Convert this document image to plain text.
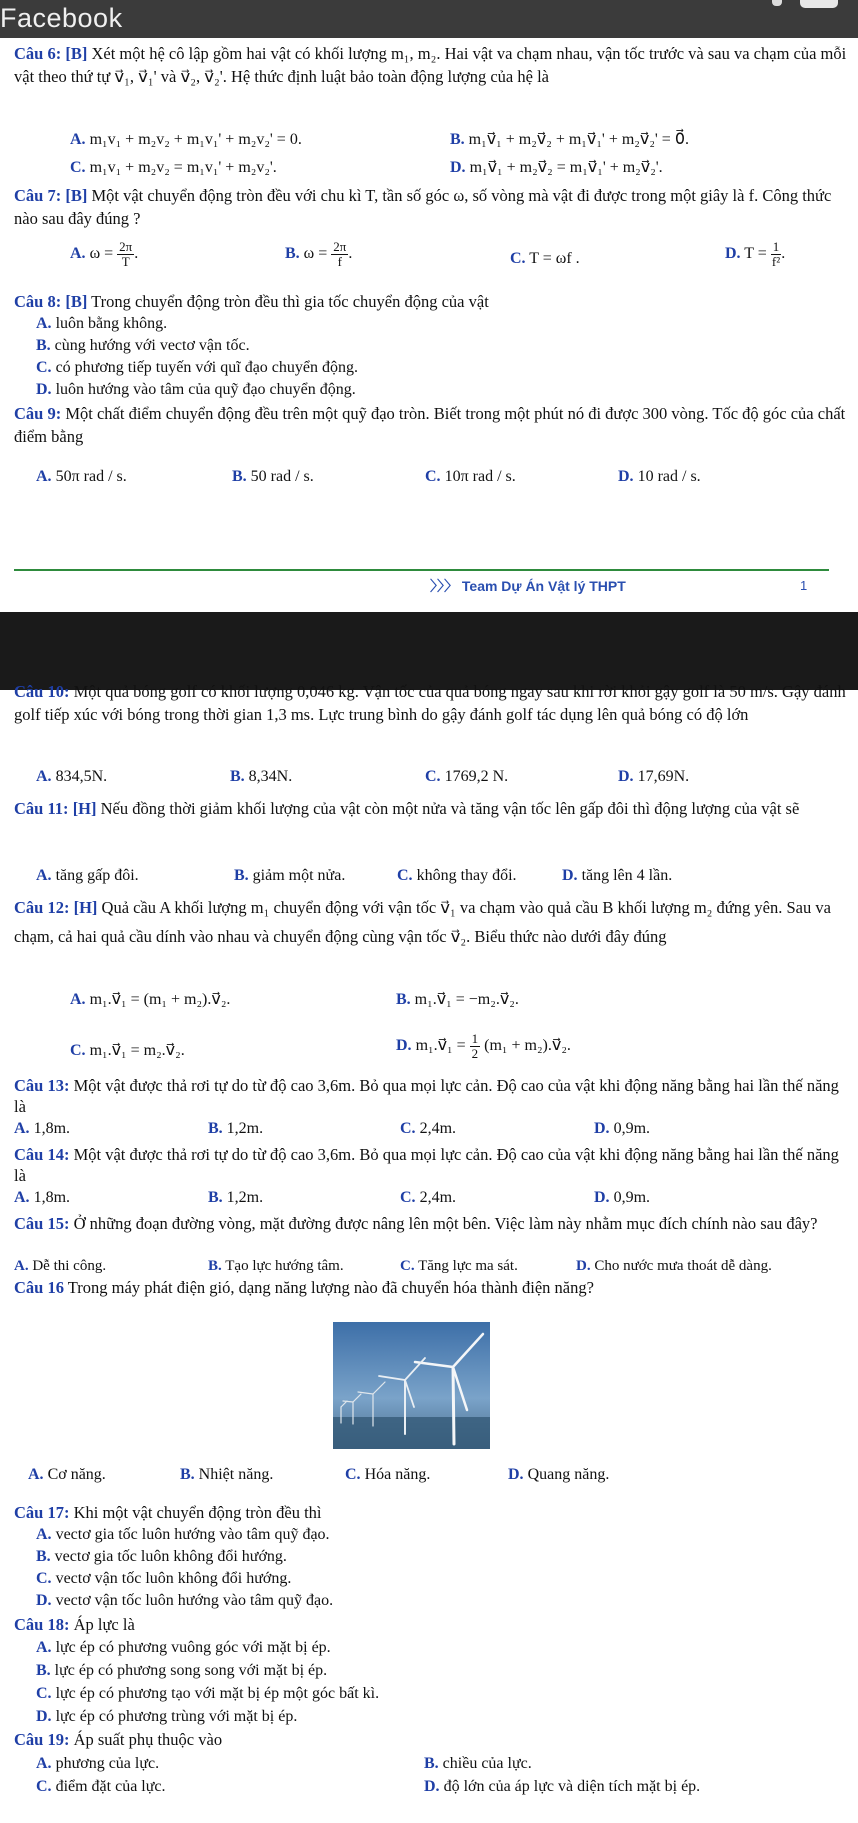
Facebook
Câu 6: [B] Xét một hệ cô lập gồm hai vật có khối lượng m₁, m₂. Hai vật va chạm nhau, vận tốc trước và sau va chạm của mỗi vật theo thứ tự v⃗₁, v⃗₁' và v⃗₂, v⃗₂'. Hệ thức định luật bảo toàn động lượng của hệ là
A. m₁v₁ + m₂v₂ + m₁v₁' + m₂v₂' = 0.	B. m₁v⃗₁ + m₂v⃗₂ + m₁v⃗₁' + m₂v⃗₂' = 0⃗.
C. m₁v₁ + m₂v₂ = m₁v₁' + m₂v₂'.	D. m₁v⃗₁ + m₂v⃗₂ = m₁v⃗₁' + m₂v⃗₂'.
Câu 7: [B] Một vật chuyển động tròn đều với chu kì T, tần số góc ω, số vòng mà vật đi được trong một giây là f. Công thức nào sau đây đúng ?
A. $\omega = \frac{2\pi}{T}$ .	B. $\omega = \frac{2\pi}{f}$ .	C. T = ωf .	D. $T = \frac{1}{\text{f²}}$ .
Câu 8: [B] Trong chuyển động tròn đều thì gia tốc chuyển động của vật
A. luôn bằng không.
B. cùng hướng với vectơ vận tốc.
C. có phương tiếp tuyến với quĩ đạo chuyển động.
D. luôn hướng vào tâm của quỹ đạo chuyển động.
Câu 9: Một chất điểm chuyển động đều trên một quỹ đạo tròn. Biết trong một phút nó đi được 300 vòng. Tốc độ góc của chất điểm bằng
A. 50π rad / s.	B. 50 rad / s.	C. 10π rad / s.	D. 10 rad / s.
〉〉〉 Team Dự Án Vật lý THPT	1
Câu 10: Một quả bóng golf có khối lượng 0,046 kg. Vận tốc của quả bóng ngay sau khi rời khỏi gậy golf là 50 m/s. Gậy đánh golf tiếp xúc với bóng trong thời gian 1,3 ms. Lực trung bình do gậy đánh golf tác dụng lên quả bóng có độ lớn
A. 834,5N.	B. 8,34N.	C. 1769,2 N.	D. 17,69N.
Câu 11: [H] Nếu đồng thời giảm khối lượng của vật còn một nửa và tăng vận tốc lên gấp đôi thì động lượng của vật sẽ
A. tăng gấp đôi.	B. giảm một nửa.	C. không thay đổi.	D. tăng lên 4 lần.
Câu 12: [H] Quả cầu A khối lượng m₁ chuyển động với vận tốc v⃗₁ va chạm vào quả cầu B khối lượng m₂ đứng yên. Sau va chạm, cả hai quả cầu dính vào nhau và chuyển động cùng vận tốc v⃗₂. Biểu thức nào dưới đây đúng
A. m₁.v⃗₁ = (m₁ + m₂).v⃗₂.	B. m₁.v⃗₁ = −m₂.v⃗₂.
C. m₁.v⃗₁ = m₂.v⃗₂.	D. m₁.v⃗₁ = $\frac{1}{2} (m_1$ + m₂).v⃗₂.
Câu 13: Một vật được thả rơi tự do từ độ cao 3,6m. Bỏ qua mọi lực cản. Độ cao của vật khi động năng bằng hai lần thế năng là
A. 1,8m.	B. 1,2m.	C. 2,4m.	D. 0,9m.
Câu 14: Một vật được thả rơi tự do từ độ cao 3,6m. Bỏ qua mọi lực cản. Độ cao của vật khi động năng bằng hai lần thế năng là
A. 1,8m.	B. 1,2m.	C. 2,4m.	D. 0,9m.
Câu 15: Ở những đoạn đường vòng, mặt đường được nâng lên một bên. Việc làm này nhằm mục đích chính nào sau đây?
A. Dễ thi công.	B. Tạo lực hướng tâm.	C. Tăng lực ma sát.	D. Cho nước mưa thoát dễ dàng.
Câu 16 Trong máy phát điện gió, dạng năng lượng nào đã chuyển hóa thành điện năng?
A. Cơ năng.	B. Nhiệt năng.	C. Hóa năng.	D. Quang năng.
Câu 17: Khi một vật chuyển động tròn đều thì
A. vectơ gia tốc luôn hướng vào tâm quỹ đạo.
B. vectơ gia tốc luôn không đổi hướng.
C. vectơ vận tốc luôn không đổi hướng.
D. vectơ vận tốc luôn hướng vào tâm quỹ đạo.
Câu 18: Áp lực là
A. lực ép có phương vuông góc với mặt bị ép.
B. lực ép có phương song song với mặt bị ép.
C. lực ép có phương tạo với mặt bị ép một góc bất kì.
D. lực ép có phương trùng với mặt bị ép.
Câu 19: Áp suất phụ thuộc vào
A. phương của lực.	B. chiều của lực.
C. điểm đặt của lực.	D. độ lớn của áp lực và diện tích mặt bị ép.
